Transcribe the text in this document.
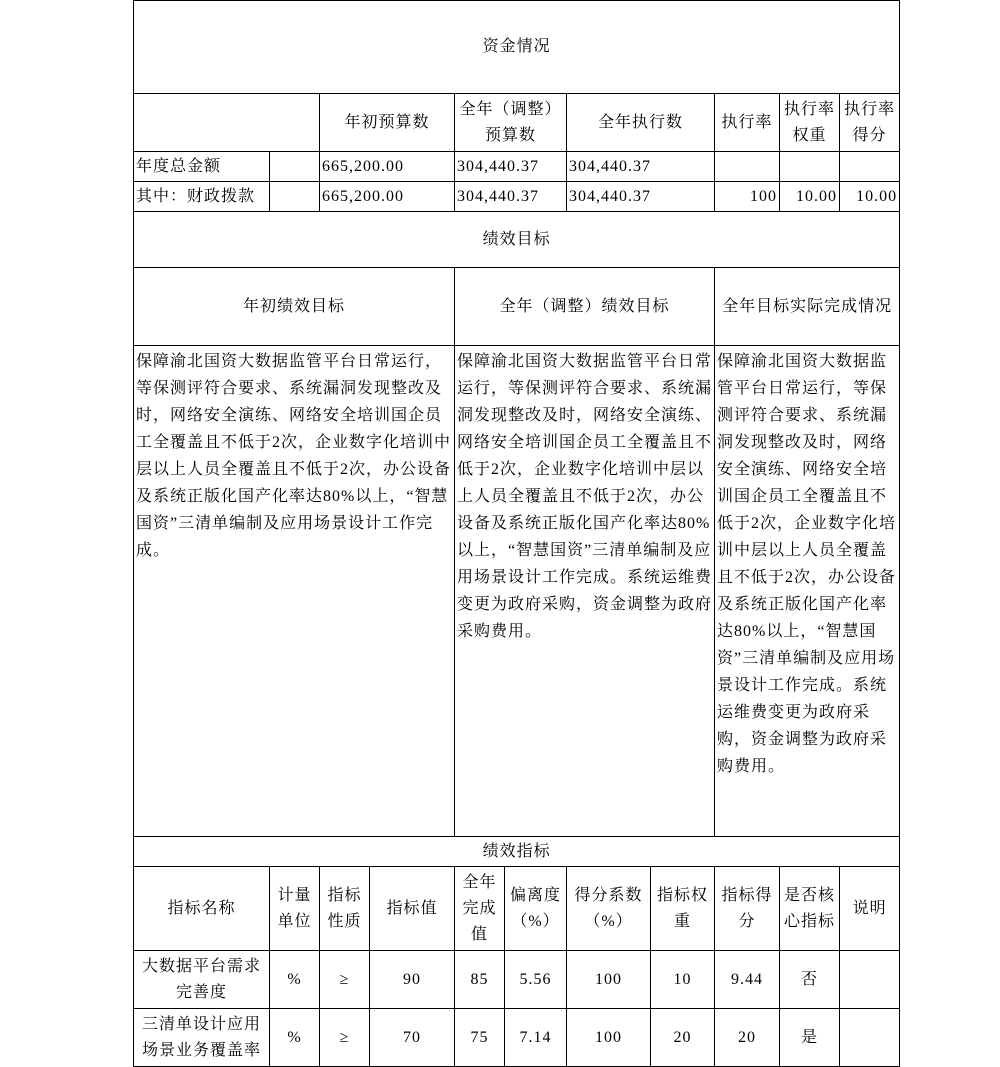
资金情况										
		年初预算数		全年（调整）预算数		全年执行数		执行率	执行率权重	执行率得分
年度总金额		665,200.00		304,440.37		304,440.37				
其中：财政拨款		665,200.00		304,440.37		304,440.37		100	10.00	10.00
绩效目标										
年初绩效目标				全年（调整）绩效目标				全年目标实际完成情况		
保障渝北国资大数据监管平台日常运行，等保测评符合要求、系统漏洞发现整改及时，网络安全演练、网络安全培训国企员工全覆盖且不低于2次，企业数字化培训中层以上人员全覆盖且不低于2次，办公设备及系统正版化国产化率达80%以上，“智慧国资”三清单编制及应用场景设计工作完成。				保障渝北国资大数据监管平台日常运行，等保测评符合要求、系统漏洞发现整改及时，网络安全演练、网络安全培训国企员工全覆盖且不低于2次，企业数字化培训中层以上人员全覆盖且不低于2次，办公设备及系统正版化国产化率达80%以上，“智慧国资”三清单编制及应用场景设计工作完成。系统运维费变更为政府采购，资金调整为政府采购费用。				保障渝北国资大数据监管平台日常运行，等保测评符合要求、系统漏洞发现整改及时，网络安全演练、网络安全培训国企员工全覆盖且不低于2次，企业数字化培训中层以上人员全覆盖且不低于2次，办公设备及系统正版化国产化率达80%以上，“智慧国资”三清单编制及应用场景设计工作完成。系统运维费变更为政府采购，资金调整为政府采购费用。		
绩效指标										
指标名称	计量单位	指标性质	指标值	全年完成值	偏离度（%）	得分系数（%）	指标权重	指标得分	是否核心指标	说明
大数据平台需求完善度	%	≥	90	85	5.56	100	10	9.44	否	
三清单设计应用场景业务覆盖率	%	≥	70	75	7.14	100	20	20	是	
